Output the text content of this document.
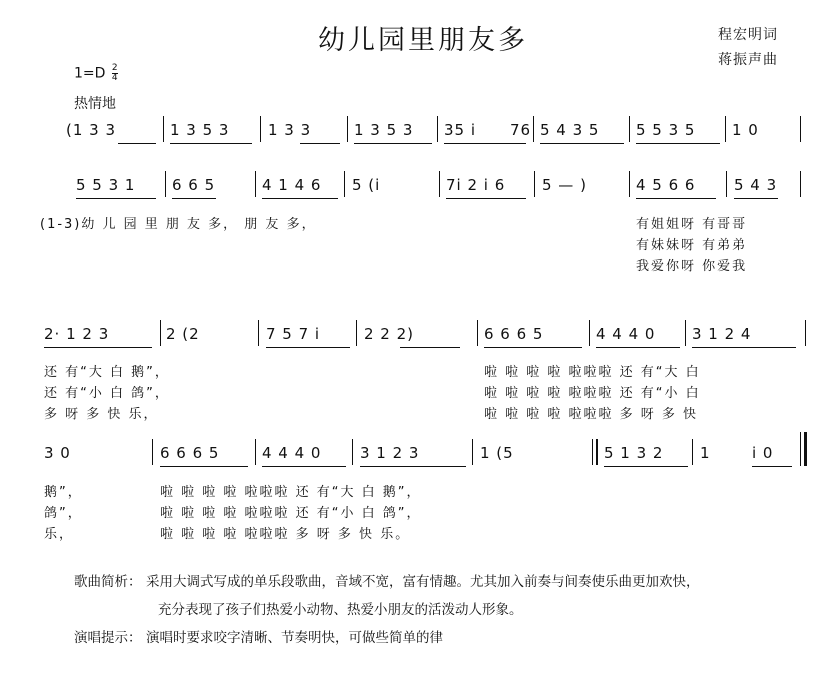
幼儿园里朋友多	程宏明词
蒋振声曲
$1=D \frac{2}{4}$
热情地
(1 3 3	1 3 5 3	1 3 3	1 3 5 3 35 i 76 5 4 3 5 5 5 3 5 1 0
5 5 3 1 6 6 5	4 1 4 6 5 (i	7i 2 i 6 5 — )	4 5 6 6	5 4 3
(1-3)幼 儿 园 里 朋 友 多， 朋 友 多，	有姐姐呀 有哥哥
有妹妹呀 有弟弟
我爱你呀 你爱我
2· 1 2 3	2 (2	7 5 7 i	2 2 2)	6 6 6 5	4 4 4 0 3 1 2 4
还 有“大 白 鹅”，
还 有“小 白 鸽”，
多 呀 多 快 乐，
啦 啦 啦 啦 啦啦啦 还 有“大 白
啦 啦 啦 啦 啦啦啦 还 有“小 白
啦 啦 啦 啦 啦啦啦 多 呀 多 快
3 0	6 6 6 5	4 4 4 0	3 1 2 3	1 (5	5 1 3 2 1	i 0
鹅”，
鸽”，
乐，
啦 啦 啦 啦 啦啦啦 还 有“大 白 鹅”，
啦 啦 啦 啦 啦啦啦 还 有“小 白 鸽”，
啦 啦 啦 啦 啦啦啦 多 呀 多 快 乐。
歌曲简析： 采用大调式写成的单乐段歌曲，音域不宽，富有情趣。尤其加入前奏与间奏使乐曲更加欢快，
充分表现了孩子们热爱小动物、热爱小朋友的活泼动人形象。
演唱提示： 演唱时要求咬字清晰、节奏明快，可做些简单的律
